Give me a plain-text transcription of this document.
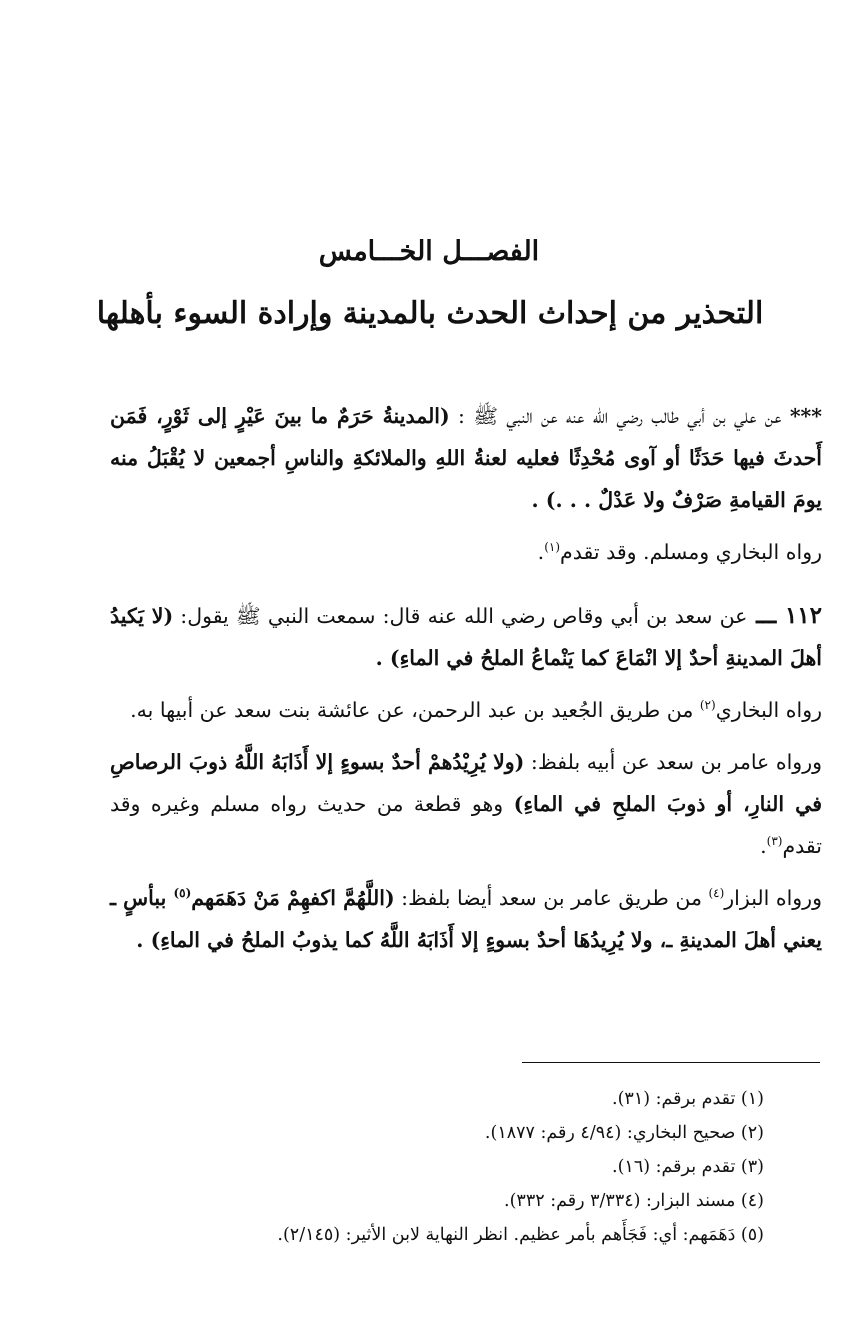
الفصـــل الخـــامس
التحذير من إحداث الحدث بالمدينة وإرادة السوء بأهلها

*** عن علي بن أبي طالب رضي الله عنه عن النبي ﷺ : (المدينةُ حَرَمٌ ما بينَ عَيْرٍ إلى ثَوْرٍ، فَمَن أَحدثَ فيها حَدَثًا أو آوى مُحْدِثًا فعليه لعنةُ اللهِ والملائكةِ والناسِ أجمعين لا يُقْبَلُ منه يومَ القيامةِ صَرْفٌ ولا عَدْلٌ . . .) .

رواه البخاري ومسلم. وقد تقدم$^{(١)}$.

١١٢ ـــ عن سعد بن أبي وقاص رضي الله عنه قال: سمعت النبي ﷺ يقول: (لا يَكيدُ أهلَ المدينةِ أحدٌ إلا انْمَاعَ كما يَنْماعُ الملحُ في الماءِ) .

رواه البخاري$^{(٢)}$ من طريق الجُعيد بن عبد الرحمن، عن عائشة بنت سعد عن أبيها به.

ورواه عامر بن سعد عن أبيه بلفظ: (ولا يُرِيْدُهمْ أحدٌ بسوءٍ إلا أَذَابَهُ اللَّهُ ذوبَ الرصاصِ في النارِ، أو ذوبَ الملحِ في الماءِ) وهو قطعة من حديث رواه مسلم وغيره وقد تقدم$^{(٣)}$.

ورواه البزار$^{(٤)}$ من طريق عامر بن سعد أيضا بلفظ: (اللَّهُمَّ اكفهِمْ مَنْ دَهَمَهم$^{(٥)}$ ببأسٍ ـ يعني أهلَ المدينةِ ـ، ولا يُرِيدُهَا أحدٌ بسوءٍ إلا أَذَابَهُ اللَّهُ كما يذوبُ الملحُ في الماءِ) .

(١) تقدم برقم: (٣١).
(٢) صحيح البخاري: (٤/٩٤ رقم: ١٨٧٧).
(٣) تقدم برقم: (١٦).
(٤) مسند البزار: (٣/٣٣٤ رقم: ٣٣٢).
(٥) دَهَمَهم: أي: فَجَأَهم بأمر عظيم. انظر النهاية لابن الأثير: (٢/١٤٥).
